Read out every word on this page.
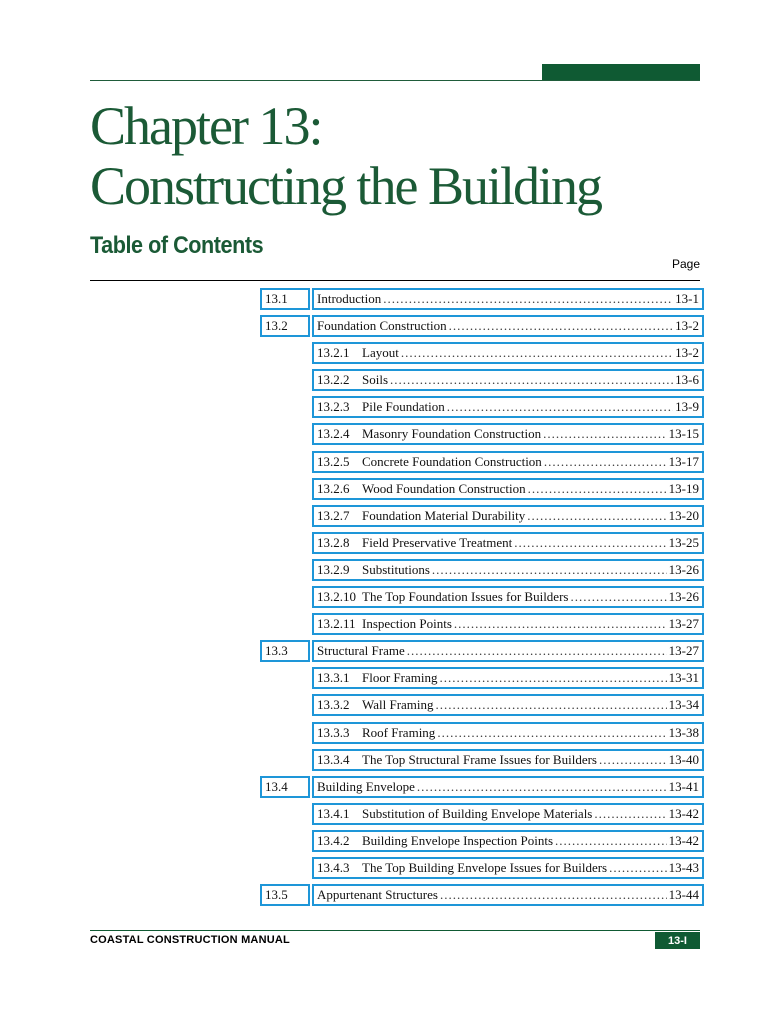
Chapter 13:
Constructing the Building
Table of Contents
Page
13.1	Introduction .....	13-1
13.2	Foundation Construction .....	13-2
13.2.1 Layout .....	13-2
13.2.2 Soils .....	13-6
13.2.3 Pile Foundation .....	13-9
13.2.4 Masonry Foundation Construction .....	13-15
13.2.5 Concrete Foundation Construction .....	13-17
13.2.6 Wood Foundation Construction .....	13-19
13.2.7 Foundation Material Durability .....	13-20
13.2.8 Field Preservative Treatment .....	13-25
13.2.9 Substitutions .....	13-26
13.2.10 The Top Foundation Issues for Builders .....	13-26
13.2.11 Inspection Points .....	13-27
13.3	Structural Frame .....	13-27
13.3.1 Floor Framing .....	13-31
13.3.2 Wall Framing .....	13-34
13.3.3 Roof Framing .....	13-38
13.3.4 The Top Structural Frame Issues for Builders .....	13-40
13.4	Building Envelope .....	13-41
13.4.1 Substitution of Building Envelope Materials .....	13-42
13.4.2 Building Envelope Inspection Points .....	13-42
13.4.3 The Top Building Envelope Issues for Builders .....	13-43
13.5	Appurtenant Structures .....	13-44
COASTAL CONSTRUCTION MANUAL	13-I
